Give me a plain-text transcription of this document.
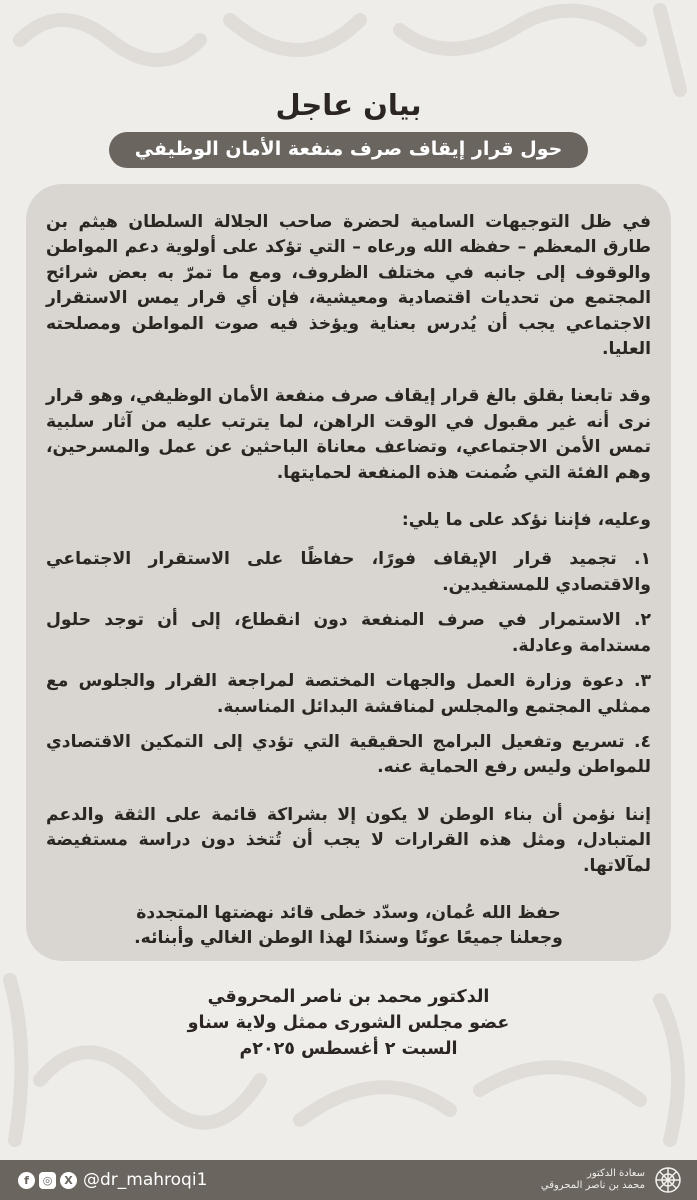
بيان عاجل
حول قرار إيقاف صرف منفعة الأمان الوظيفي

في ظل التوجيهات السامية لحضرة صاحب الجلالة السلطان هيثم بن طارق المعظم – حفظه الله ورعاه – التي تؤكد على أولوية دعم المواطن والوقوف إلى جانبه في مختلف الظروف، ومع ما تمرّ به بعض شرائح المجتمع من تحديات اقتصادية ومعيشية، فإن أي قرار يمس الاستقرار الاجتماعي يجب أن يُدرس بعناية ويؤخذ فيه صوت المواطن ومصلحته العليا.

وقد تابعنا بقلق بالغ قرار إيقاف صرف منفعة الأمان الوظيفي، وهو قرار نرى أنه غير مقبول في الوقت الراهن، لما يترتب عليه من آثار سلبية تمس الأمن الاجتماعي، وتضاعف معاناة الباحثين عن عمل والمسرحين، وهم الفئة التي ضُمنت هذه المنفعة لحمايتها.

وعليه، فإننا نؤكد على ما يلي:

١. تجميد قرار الإيقاف فورًا، حفاظًا على الاستقرار الاجتماعي والاقتصادي للمستفيدين.
٢. الاستمرار في صرف المنفعة دون انقطاع، إلى أن توجد حلول مستدامة وعادلة.
٣. دعوة وزارة العمل والجهات المختصة لمراجعة القرار والجلوس مع ممثلي المجتمع والمجلس لمناقشة البدائل المناسبة.
٤. تسريع وتفعيل البرامج الحقيقية التي تؤدي إلى التمكين الاقتصادي للمواطن وليس رفع الحماية عنه.

إننا نؤمن أن بناء الوطن لا يكون إلا بشراكة قائمة على الثقة والدعم المتبادل، ومثل هذه القرارات لا يجب أن تُتخذ دون دراسة مستفيضة لمآلاتها.

حفظ الله عُمان، وسدّد خطى قائد نهضتها المتجددة
وجعلنا جميعًا عونًا وسندًا لهذا الوطن الغالي وأبنائه.
الدكتور محمد بن ناصر المحروقي
عضو مجلس الشورى ممثل ولاية سناو
السبت ٢ أغسطس ٢٠٢٥م
f	◎	X @dr_mahroqi1	سعادة الدكتور
محمد بن ناصر المحروقي
